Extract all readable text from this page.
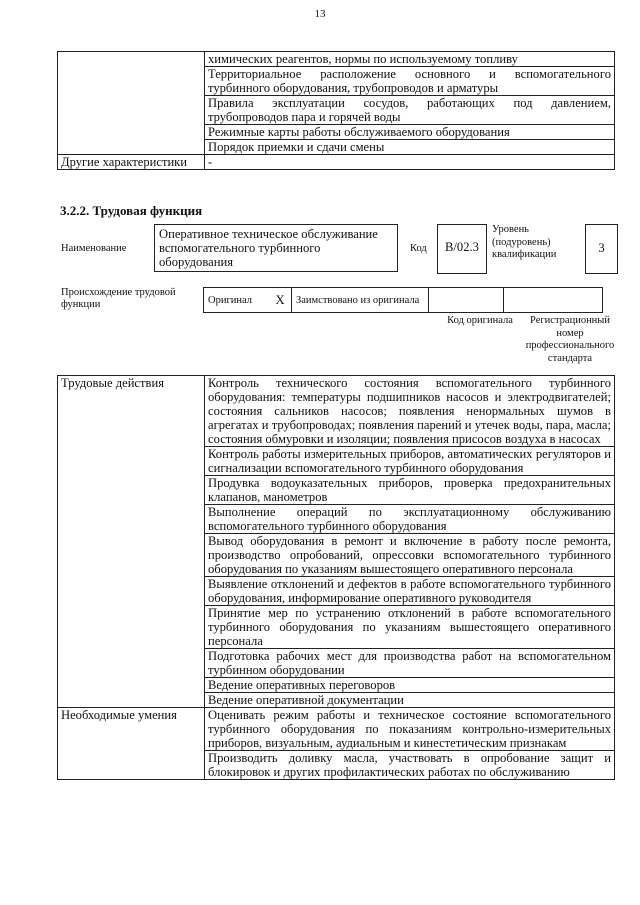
13
	химических реагентов, нормы по используемому топливу
	Территориальное расположение основного и вспомогательного турбинного оборудования, трубопроводов и арматуры
	Правила эксплуатации сосудов, работающих под давлением, трубопроводов пара и горячей воды
	Режимные карты работы обслуживаемого оборудования
	Порядок приемки и сдачи смены
Другие характеристики	-
3.2.2. Трудовая функция
Наименование
Оперативное техническое обслуживание вспомогательного турбинного оборудования
Код	B/02.3
Уровень (подуровень) квалификации	3
Происхождение трудовой функции	Оригинал	X	Заимствовано из оригинала		
Код оригинала	Регистрационный номер профессионального стандарта
Трудовые действия	Контроль технического состояния вспомогательного турбинного оборудования: температуры подшипников насосов и электродвигателей; состояния сальников насосов; появления ненормальных шумов в агрегатах и трубопроводах; появления парений и утечек воды, пара, масла; состояния обмуровки и изоляции; появления присосов воздуха в насосах
	Контроль работы измерительных приборов, автоматических регуляторов и сигнализации вспомогательного турбинного оборудования
	Продувка водоуказательных приборов, проверка предохранительных клапанов, манометров
	Выполнение операций по эксплуатационному обслуживанию вспомогательного турбинного оборудования
	Вывод оборудования в ремонт и включение в работу после ремонта, производство опробований, опрессовки вспомогательного турбинного оборудования по указаниям вышестоящего оперативного персонала
	Выявление отклонений и дефектов в работе вспомогательного турбинного оборудования, информирование оперативного руководителя
	Принятие мер по устранению отклонений в работе вспомогательного турбинного оборудования по указаниям вышестоящего оперативного персонала
	Подготовка рабочих мест для производства работ на вспомогательном турбинном оборудовании
	Ведение оперативных переговоров
	Ведение оперативной документации
Необходимые умения	Оценивать режим работы и техническое состояние вспомогательного турбинного оборудования по показаниям контрольно-измерительных приборов, визуальным, аудиальным и кинестетическим признакам
	Производить доливку масла, участвовать в опробование защит и блокировок и других профилактических работах по обслуживанию
